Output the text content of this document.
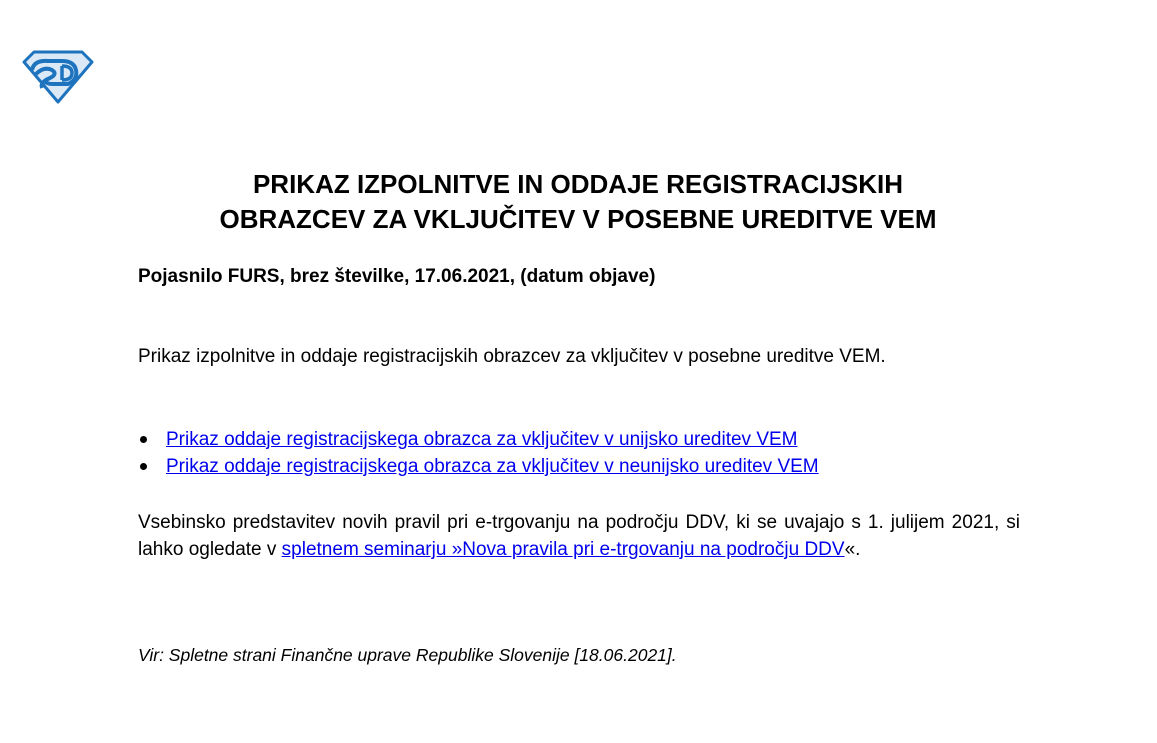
PRIKAZ IZPOLNITVE IN ODDAJE REGISTRACIJSKIH
OBRAZCEV ZA VKLJUČITEV V POSEBNE UREDITVE VEM

Pojasnilo FURS, brez številke, 17.06.2021, (datum objave)

Prikaz izpolnitve in oddaje registracijskih obrazcev za vključitev v posebne ureditve VEM.

Prikaz oddaje registracijskega obrazca za vključitev v unijsko ureditev VEM
Prikaz oddaje registracijskega obrazca za vključitev v neunijsko ureditev VEM

Vsebinsko predstavitev novih pravil pri e-trgovanju na področju DDV, ki se uvajajo s 1. julijem 2021, si lahko ogledate v spletnem seminarju »Nova pravila pri e-trgovanju na področju DDV«.

Vir: Spletne strani Finančne uprave Republike Slovenije [18.06.2021].
